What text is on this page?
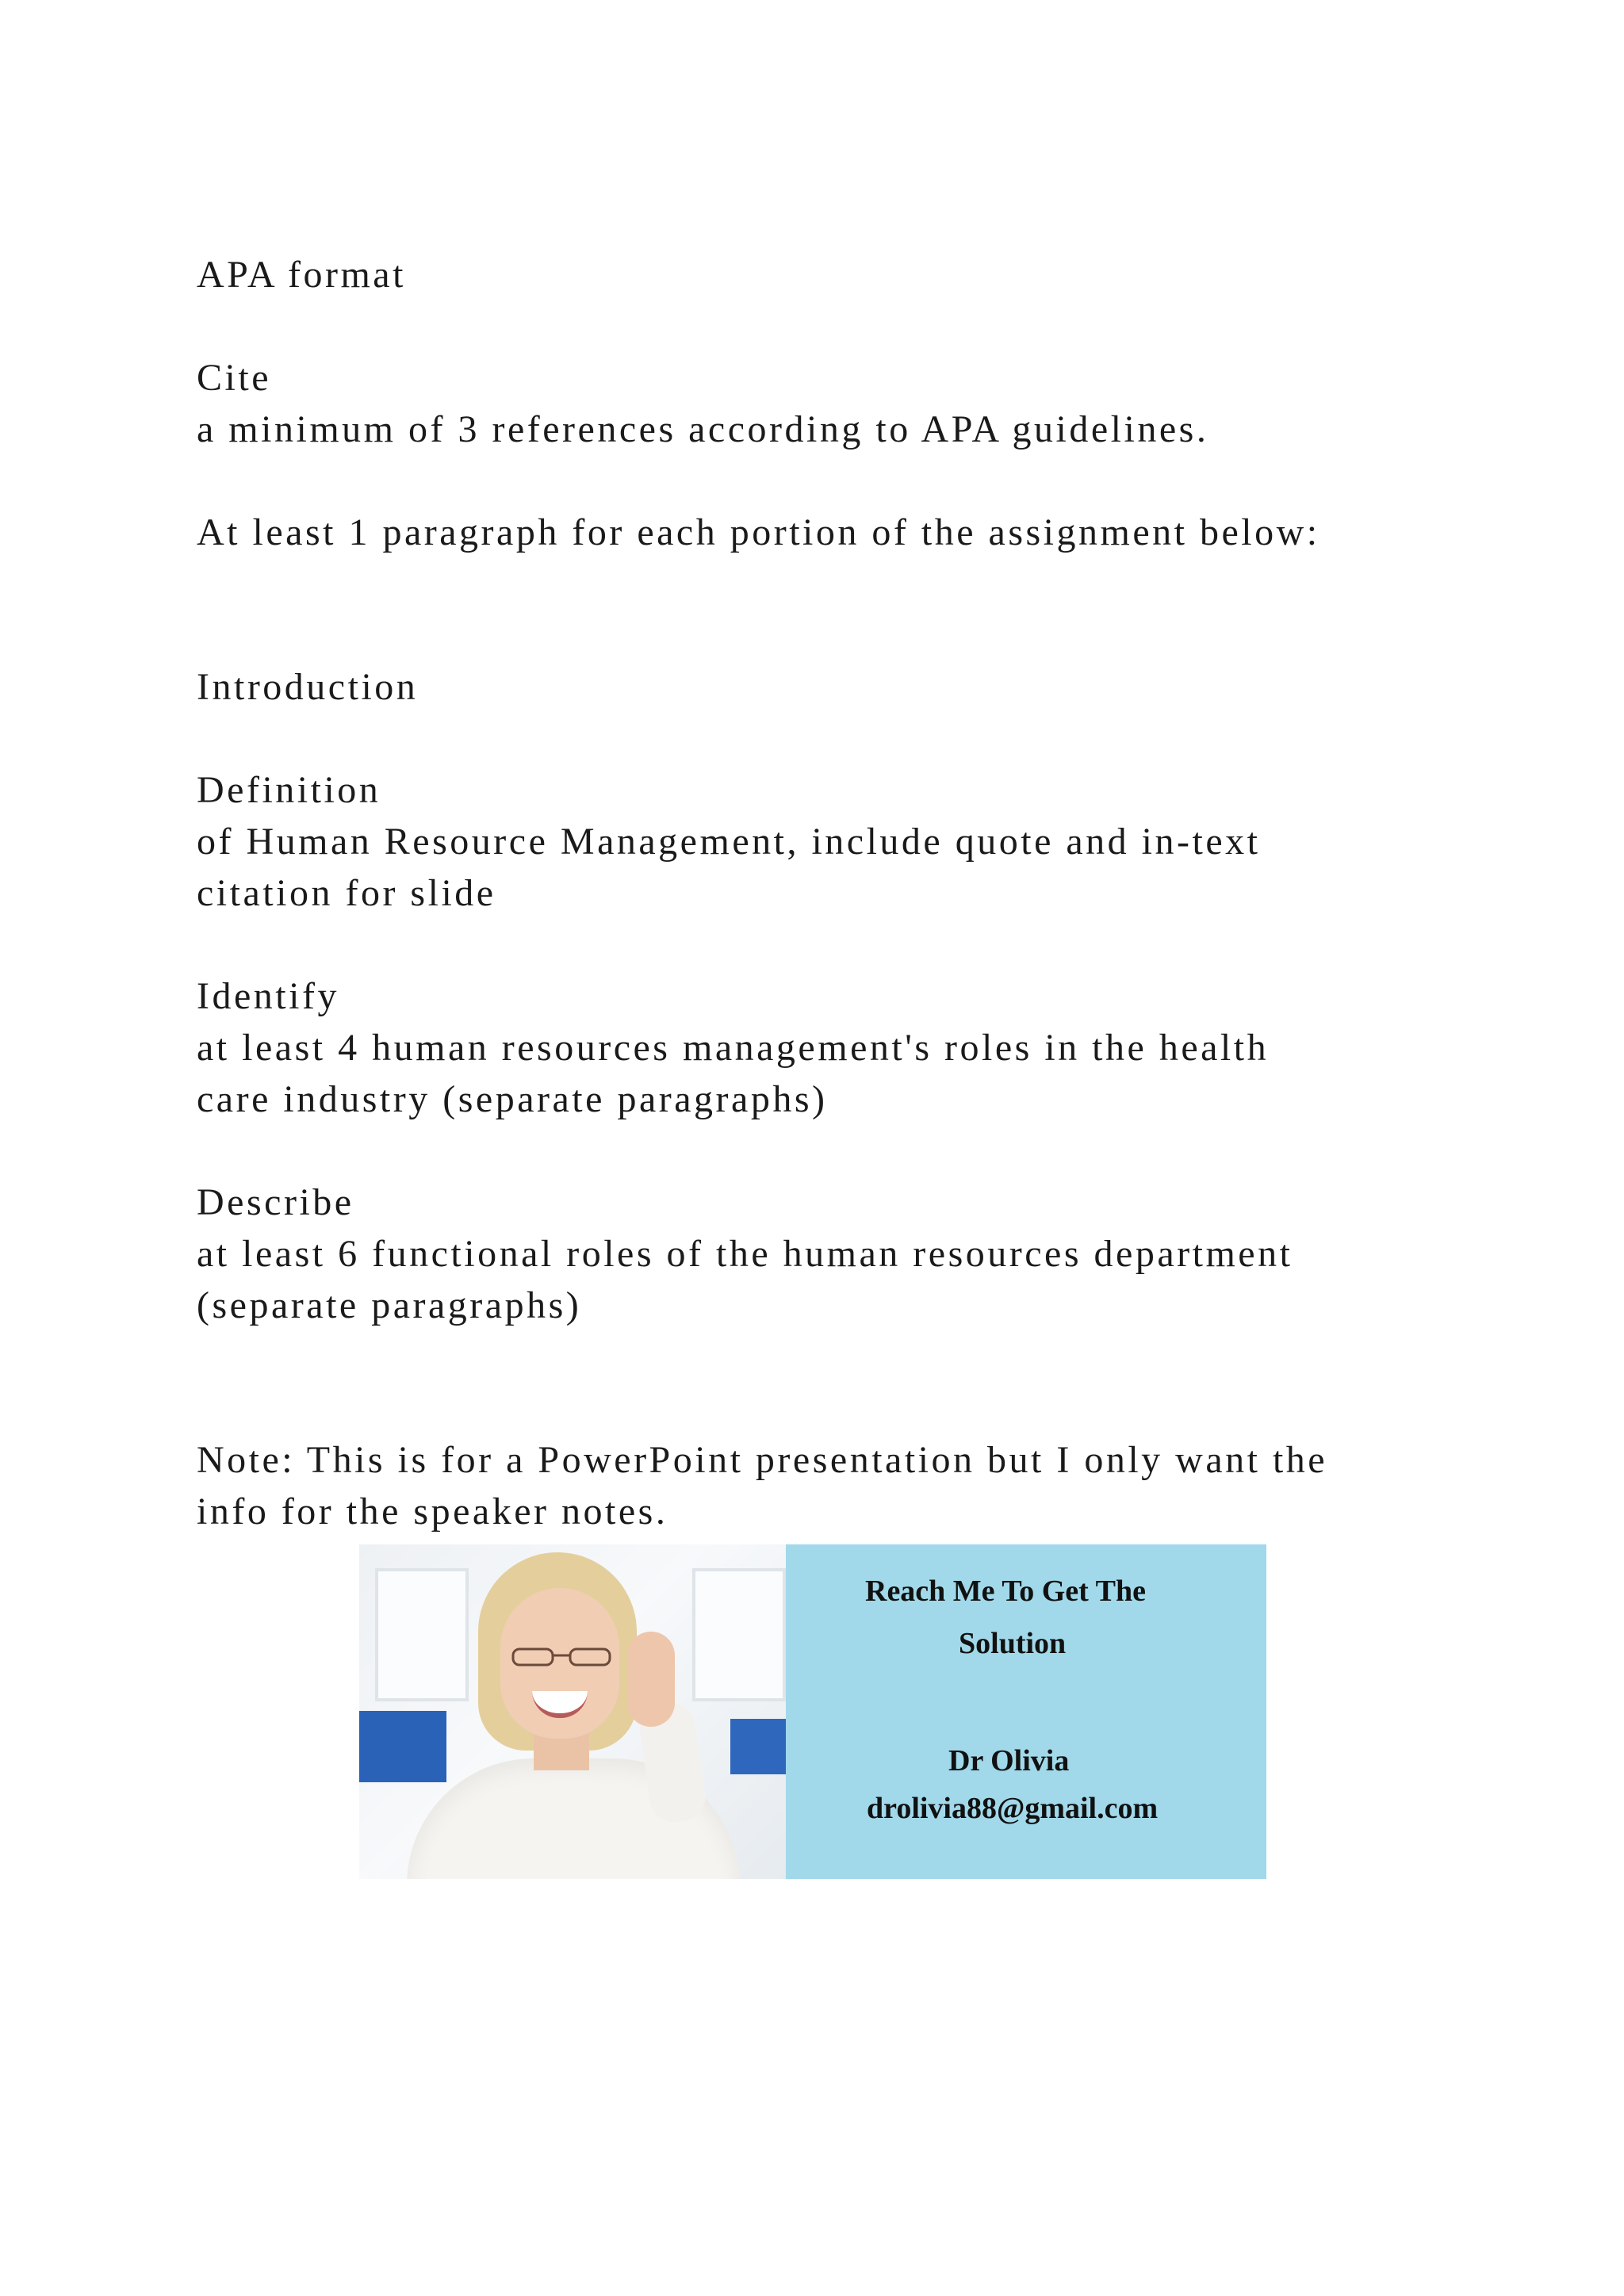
APA format
Cite
a minimum of 3 references according to APA guidelines.
At least 1 paragraph for each portion of the assignment below:
Introduction
Definition
of Human Resource Management, include quote and in-text
citation for slide
Identify
at least 4 human resources management's roles in the health
care industry (separate paragraphs)
Describe
at least 6 functional roles of the human resources department
(separate paragraphs)
Note: This is for a PowerPoint presentation but I only want the
info for the speaker notes.
Reach Me To Get The
Solution
Dr Olivia
drolivia88@gmail.com
